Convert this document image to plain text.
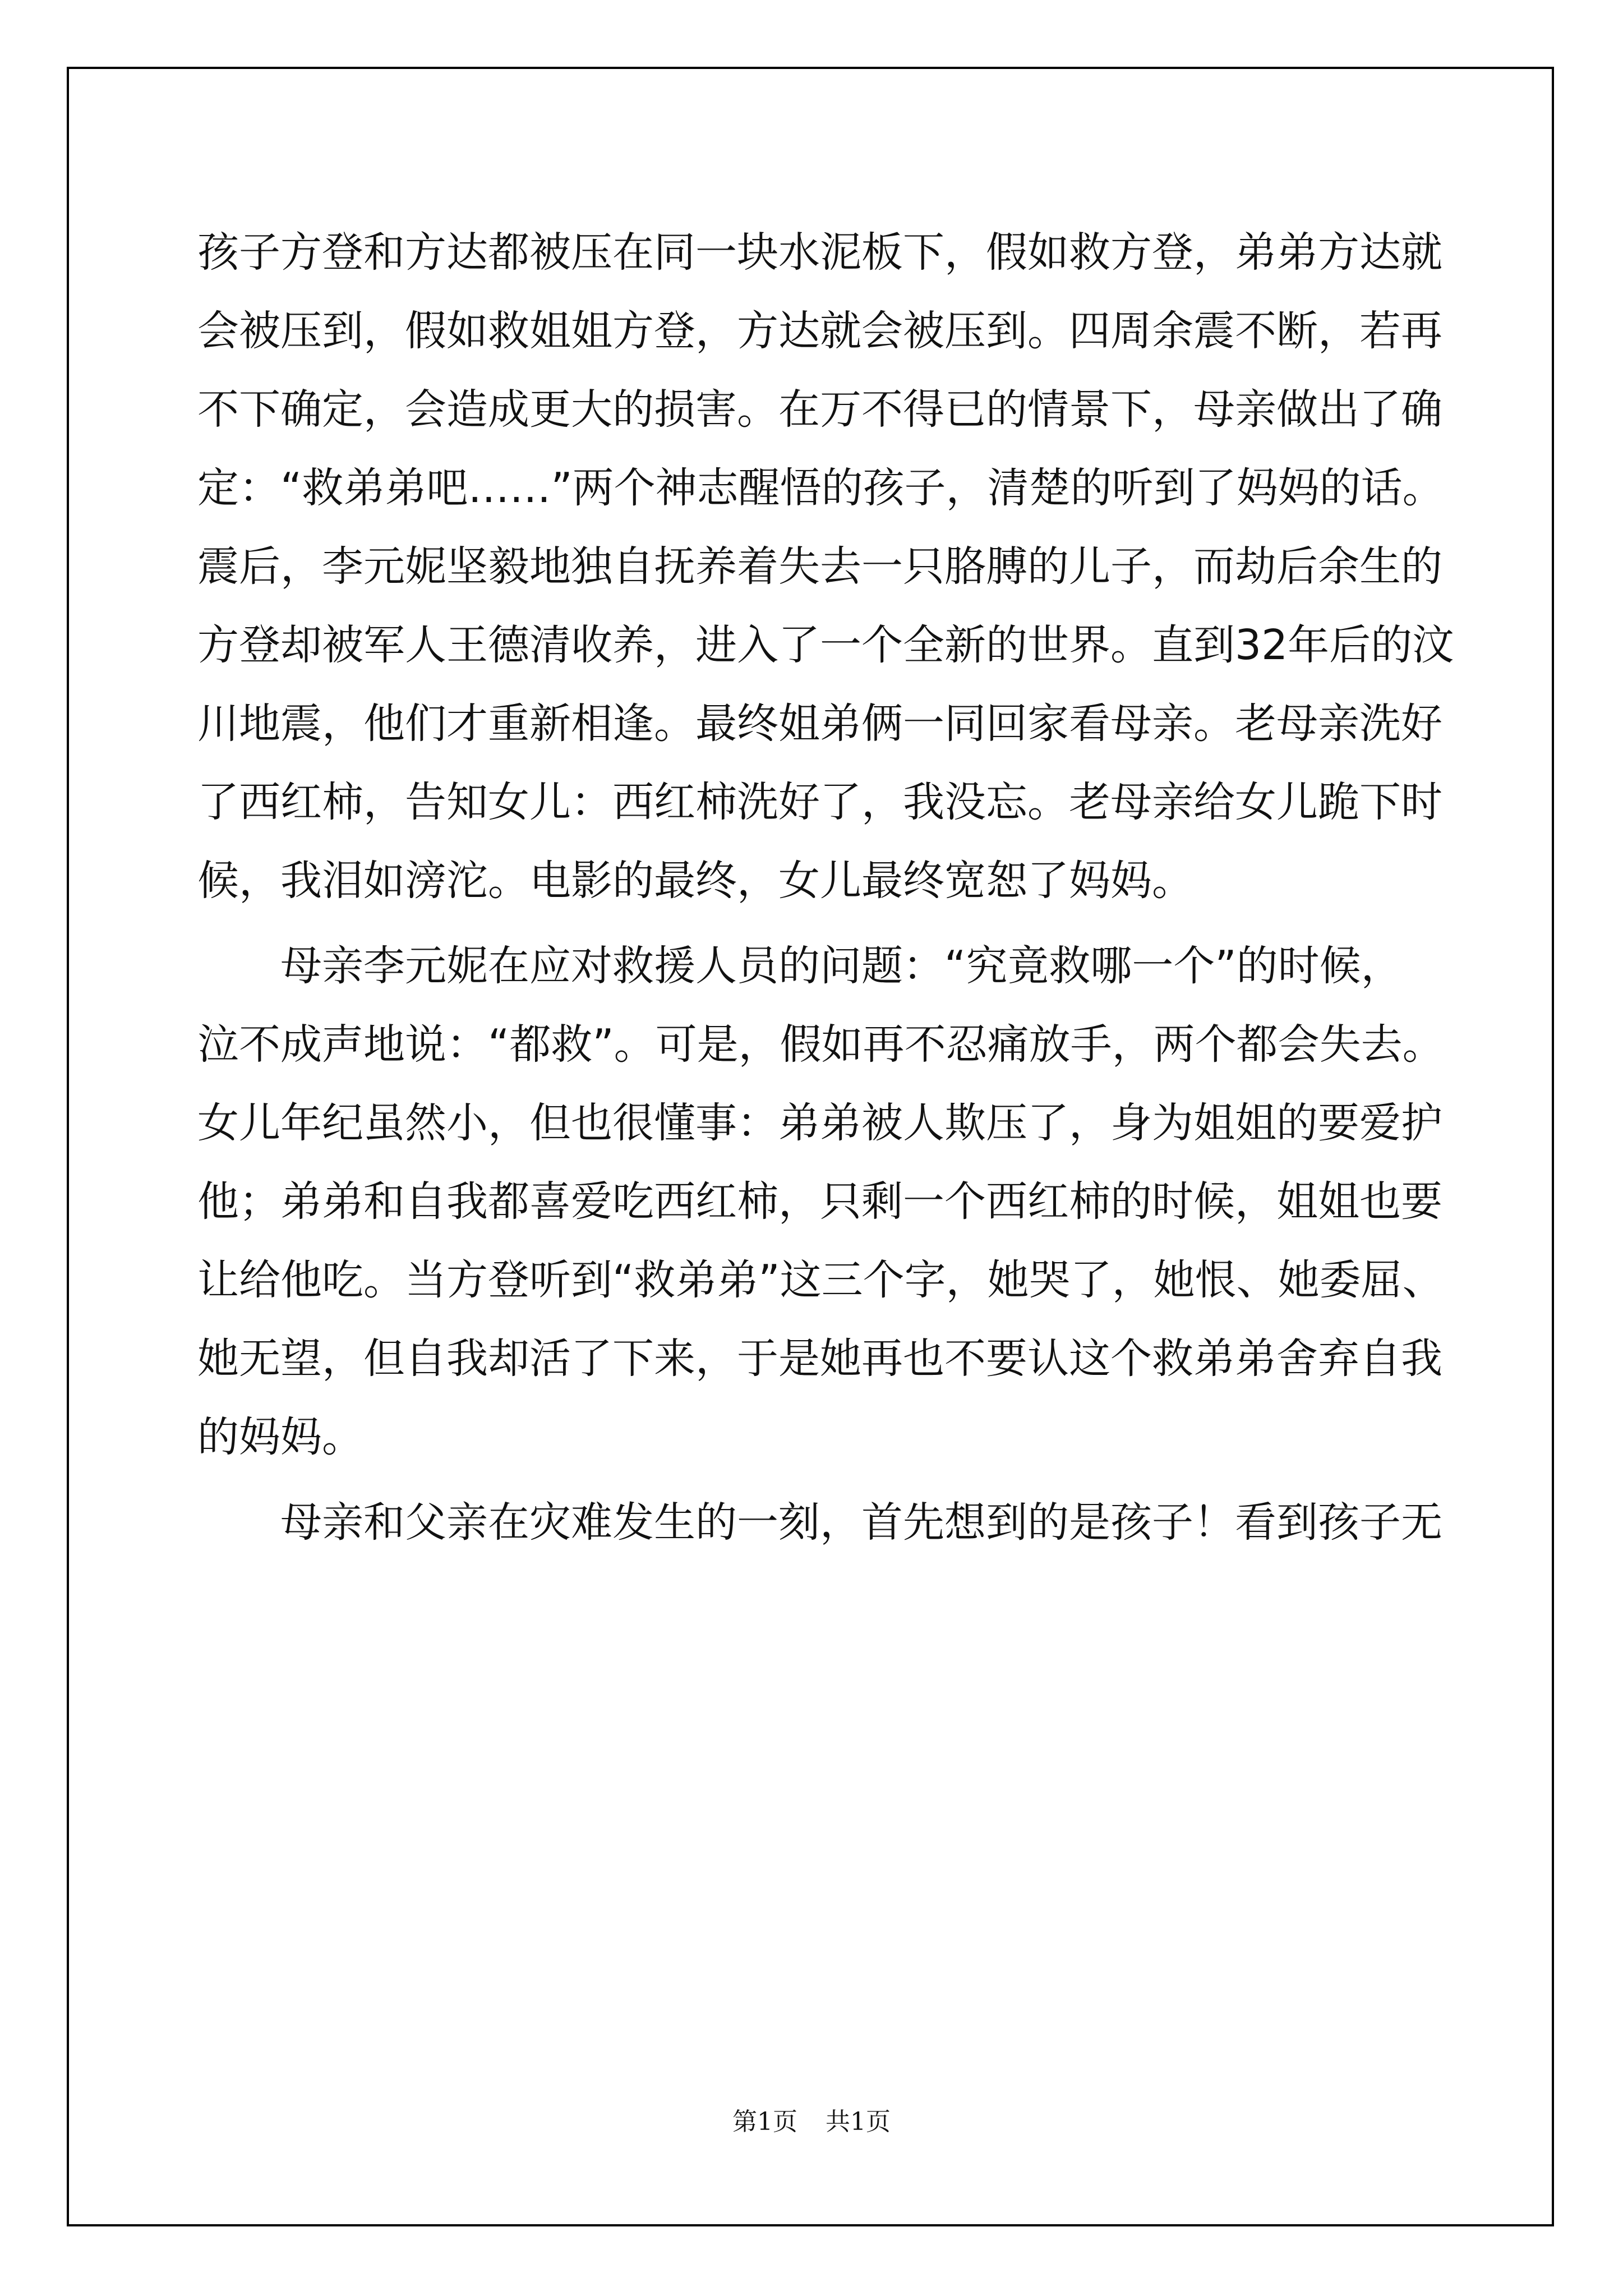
孩子方登和方达都被压在同一块水泥板下，假如救方登，弟弟方达就
会被压到，假如救姐姐方登，方达就会被压到。四周余震不断，若再
不下确定，会造成更大的损害。在万不得已的情景下，母亲做出了确
定：“救弟弟吧……”两个神志醒悟的孩子，清楚的听到了妈妈的话。
震后，李元妮坚毅地独自抚养着失去一只胳膊的儿子，而劫后余生的
方登却被军人王德清收养，进入了一个全新的世界。直到32年后的汶
川地震，他们才重新相逢。最终姐弟俩一同回家看母亲。老母亲洗好
了西红柿，告知女儿：西红柿洗好了，我没忘。老母亲给女儿跪下时
候，我泪如滂沱。电影的最终，女儿最终宽恕了妈妈。
　　母亲李元妮在应对救援人员的问题：“究竟救哪一个”的时候，
泣不成声地说：“都救”。可是，假如再不忍痛放手，两个都会失去。
女儿年纪虽然小，但也很懂事：弟弟被人欺压了，身为姐姐的要爱护
他；弟弟和自我都喜爱吃西红柿，只剩一个西红柿的时候，姐姐也要
让给他吃。当方登听到“救弟弟”这三个字，她哭了，她恨、她委屈、
她无望，但自我却活了下来，于是她再也不要认这个救弟弟舍弃自我
的妈妈。
　　母亲和父亲在灾难发生的一刻，首先想到的是孩子！看到孩子无
第1页 共1页
